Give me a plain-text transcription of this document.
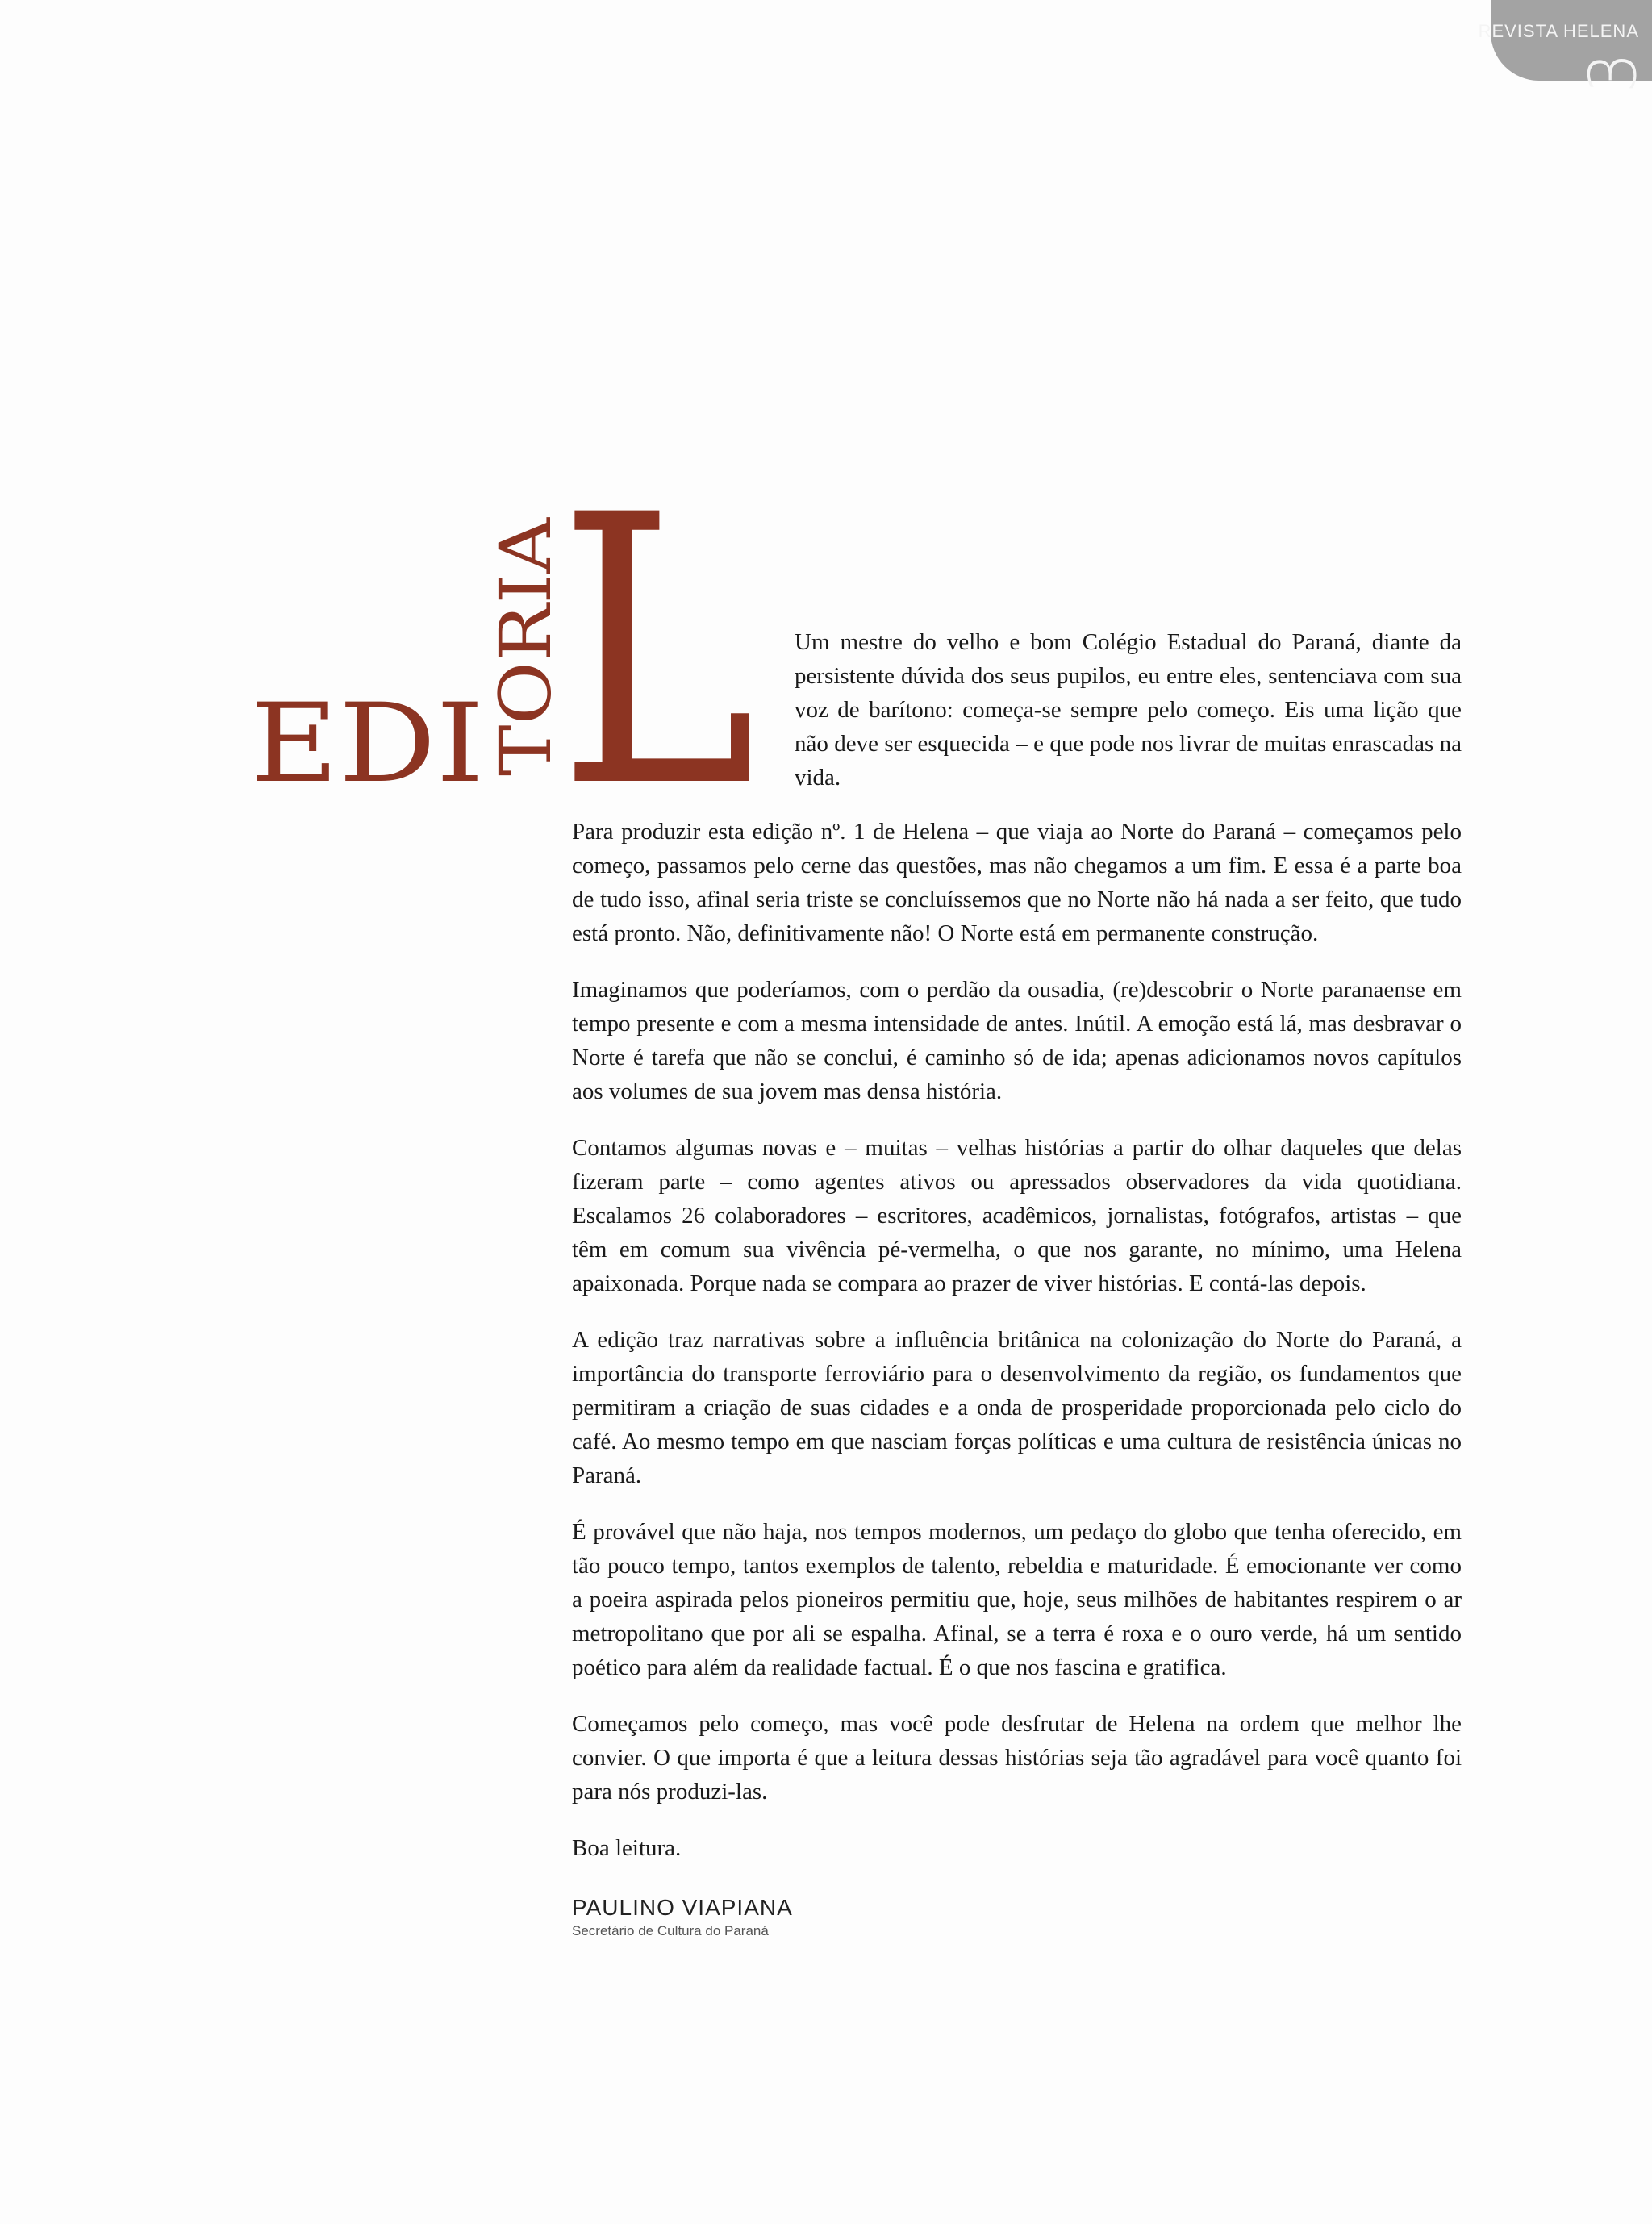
REVISTA HELENA
3
EDI TORIA
L Um mestre do velho e bom Colégio Estadual do Paraná, diante da persistente dúvida dos seus pupilos, eu entre eles, sentenciava com sua voz de barítono: começa-se sempre pelo começo. Eis uma lição que não deve ser esquecida – e que pode nos livrar de muitas enrascadas na vida.

Para produzir esta edição nº. 1 de Helena – que viaja ao Norte do Paraná – começamos pelo começo, passamos pelo cerne das questões, mas não chegamos a um fim. E essa é a parte boa de tudo isso, afinal seria triste se concluíssemos que no Norte não há nada a ser feito, que tudo está pronto. Não, definitivamente não! O Norte está em permanente construção.

Imaginamos que poderíamos, com o perdão da ousadia, (re)descobrir o Norte paranaense em tempo presente e com a mesma intensidade de antes. Inútil. A emoção está lá, mas desbravar o Norte é tarefa que não se conclui, é caminho só de ida; apenas adicionamos novos capítulos aos volumes de sua jovem mas densa história.

Contamos algumas novas e – muitas – velhas histórias a partir do olhar daqueles que delas fizeram parte – como agentes ativos ou apressados observadores da vida quotidiana. Escalamos 26 colaboradores – escritores, acadêmicos, jornalistas, fotógrafos, artistas – que têm em comum sua vivência pé-vermelha, o que nos garante, no mínimo, uma Helena apaixonada. Porque nada se compara ao prazer de viver histórias. E contá-las depois.

A edição traz narrativas sobre a influência britânica na colonização do Norte do Paraná, a importância do transporte ferroviário para o desenvolvimento da região, os fundamentos que permitiram a criação de suas cidades e a onda de prosperidade proporcionada pelo ciclo do café. Ao mesmo tempo em que nasciam forças políticas e uma cultura de resistência únicas no Paraná.

É provável que não haja, nos tempos modernos, um pedaço do globo que tenha oferecido, em tão pouco tempo, tantos exemplos de talento, rebeldia e maturidade. É emocionante ver como a poeira aspirada pelos pioneiros permitiu que, hoje, seus milhões de habitantes respirem o ar metropolitano que por ali se espalha. Afinal, se a terra é roxa e o ouro verde, há um sentido poético para além da realidade factual. É o que nos fascina e gratifica.

Começamos pelo começo, mas você pode desfrutar de Helena na ordem que melhor lhe convier. O que importa é que a leitura dessas histórias seja tão agradável para você quanto foi para nós produzi-las.

Boa leitura.

PAULINO VIAPIANA
Secretário de Cultura do Paraná
